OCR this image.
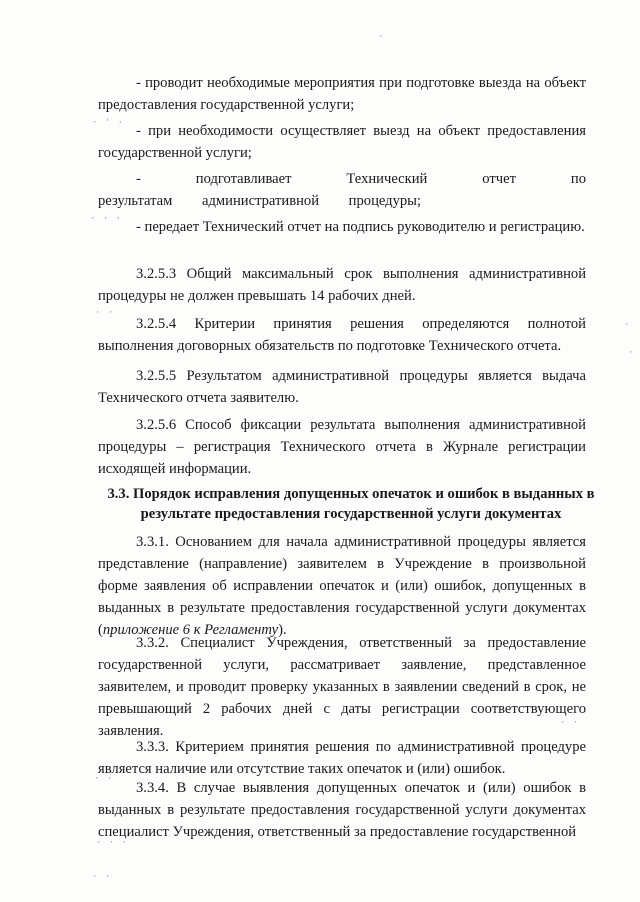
- проводит необходимые мероприятия при подготовке выезда на объект предоставления государственной услуги;

- при необходимости осуществляет выезд на объект предоставления государственной услуги;

- подготавливает Технический отчет по результатам административной процедуры;

- передает Технический отчет на подпись руководителю и регистрацию.

3.2.5.3 Общий максимальный срок выполнения административной процедуры не должен превышать 14 рабочих дней.

3.2.5.4 Критерии принятия решения определяются полнотой выполнения договорных обязательств по подготовке Технического отчета.

3.2.5.5 Результатом административной процедуры является выдача Технического отчета заявителю.

3.2.5.6 Способ фиксации результата выполнения административной процедуры – регистрация Технического отчета в Журнале регистрации исходящей информации.

3.3. Порядок исправления допущенных опечаток и ошибок в выданных в результате предоставления государственной услуги документах

3.3.1. Основанием для начала административной процедуры является представление (направление) заявителем в Учреждение в произвольной форме заявления об исправлении опечаток и (или) ошибок, допущенных в выданных в результате предоставления государственной услуги документах (приложение 6 к Регламенту).

3.3.2. Специалист Учреждения, ответственный за предоставление государственной услуги, рассматривает заявление, представленное заявителем, и проводит проверку указанных в заявлении сведений в срок, не превышающий 2 рабочих дней с даты регистрации соответствующего заявления.

3.3.3. Критерием принятия решения по административной процедуре является наличие или отсутствие таких опечаток и (или) ошибок.

3.3.4. В случае выявления допущенных опечаток и (или) ошибок в выданных в результате предоставления государственной услуги документах специалист Учреждения, ответственный за предоставление государственной

· ' ·
· · ·
· ·
·
·
· ·
· ·
· · ·
· ·
·
